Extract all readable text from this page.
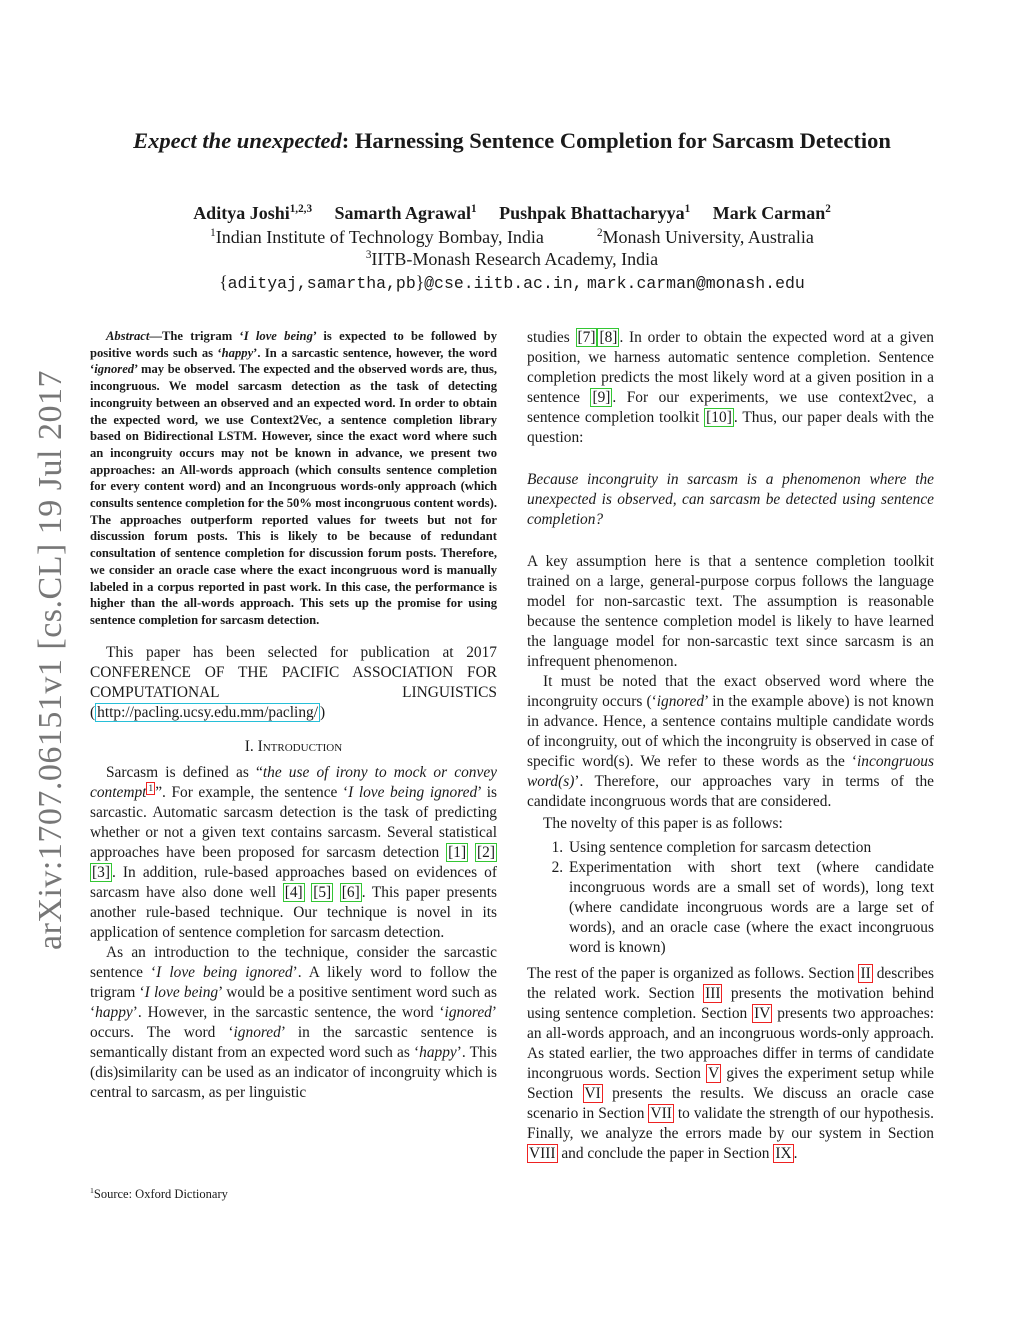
arXiv:1707.06151v1 [cs.CL] 19 Jul 2017
Expect the unexpected: Harnessing Sentence Completion for Sarcasm Detection
Aditya Joshi$^{1,2,3}$ Samarth Agrawal$^1$ Pushpak Bhattacharyya$^1$ Mark Carman$^2$
$^1$Indian Institute of Technology Bombay, India	$^2$Monash University, Australia
$^3$IITB-Monash Research Academy, India
{adityaj,samartha,pb}@cse.iitb.ac.in, mark.carman@monash.edu

Abstract—The trigram ‘I love being’ is expected to be followed by positive words such as ‘happy’. In a sarcastic sentence, however, the word ‘ignored’ may be observed. The expected and the observed words are, thus, incongruous. We model sarcasm detection as the task of detecting incongruity between an observed and an expected word. In order to obtain the expected word, we use Context2Vec, a sentence completion library based on Bidirectional LSTM. However, since the exact word where such an incongruity occurs may not be known in advance, we present two approaches: an All-words approach (which consults sentence completion for every content word) and an Incongruous words-only approach (which consults sentence completion for the 50% most incongruous content words). The approaches outperform reported values for tweets but not for discussion forum posts. This is likely to be because of redundant consultation of sentence completion for discussion forum posts. Therefore, we consider an oracle case where the exact incongruous word is manually labeled in a corpus reported in past work. In this case, the performance is higher than the all-words approach. This sets up the promise for using sentence completion for sarcasm detection.

This paper has been selected for publication at 2017 CONFERENCE OF THE PACIFIC ASSOCIATION FOR COMPUTATIONAL LINGUISTICS ( http://pacling.ucsy.edu.mm/pacling/ )

I. Introduction

Sarcasm is defined as “the use of irony to mock or convey contempt $^1$ ”. For example, the sentence ‘I love being ignored’ is sarcastic. Automatic sarcasm detection is the task of predicting whether or not a given text contains sarcasm. Several statistical approaches have been proposed for sarcasm detection [1] [2] [3] . In addition, rule-based approaches based on evidences of sarcasm have also done well [4] [5] [6] . This paper presents another rule-based technique. Our technique is novel in its application of sentence completion for sarcasm detection.

As an introduction to the technique, consider the sarcastic sentence ‘I love being ignored’. A likely word to follow the trigram ‘I love being’ would be a positive sentiment word such as ‘happy’. However, in the sarcastic sentence, the word ‘ignored’ occurs. The word ‘ignored’ in the sarcastic sentence is semantically distant from an expected word such as ‘happy’. This (dis)similarity can be used as an indicator of incongruity which is central to sarcasm, as per linguistic

$^1$Source: Oxford Dictionary

studies [7] [8] . In order to obtain the expected word at a given position, we harness automatic sentence completion. Sentence completion predicts the most likely word at a given position in a sentence [9] . For our experiments, we use context2vec, a sentence completion toolkit [10] . Thus, our paper deals with the question:

Because incongruity in sarcasm is a phenomenon where the unexpected is observed, can sarcasm be detected using sentence completion?

A key assumption here is that a sentence completion toolkit trained on a large, general-purpose corpus follows the language model for non-sarcastic text. The assumption is reasonable because the sentence completion model is likely to have learned the language model for non-sarcastic text since sarcasm is an infrequent phenomenon.

It must be noted that the exact observed word where the incongruity occurs (‘ignored’ in the example above) is not known in advance. Hence, a sentence contains multiple candidate words of incongruity, out of which the incongruity is observed in case of specific word(s). We refer to these words as the ‘incongruous word(s)’. Therefore, our approaches vary in terms of the candidate incongruous words that are considered.

The novelty of this paper is as follows:

1. Using sentence completion for sarcasm detection
2. Experimentation with short text (where candidate incongruous words are a small set of words), long text (where candidate incongruous words are a large set of words), and an oracle case (where the exact incongruous word is known)

The rest of the paper is organized as follows. Section II describes the related work. Section III presents the motivation behind using sentence completion. Section IV presents two approaches: an all-words approach, and an incongruous words-only approach. As stated earlier, the two approaches differ in terms of candidate incongruous words. Section V gives the experiment setup while Section VI presents the results. We discuss an oracle case scenario in Section VII to validate the strength of our hypothesis. Finally, we analyze the errors made by our system in Section VIII and conclude the paper in Section IX .
